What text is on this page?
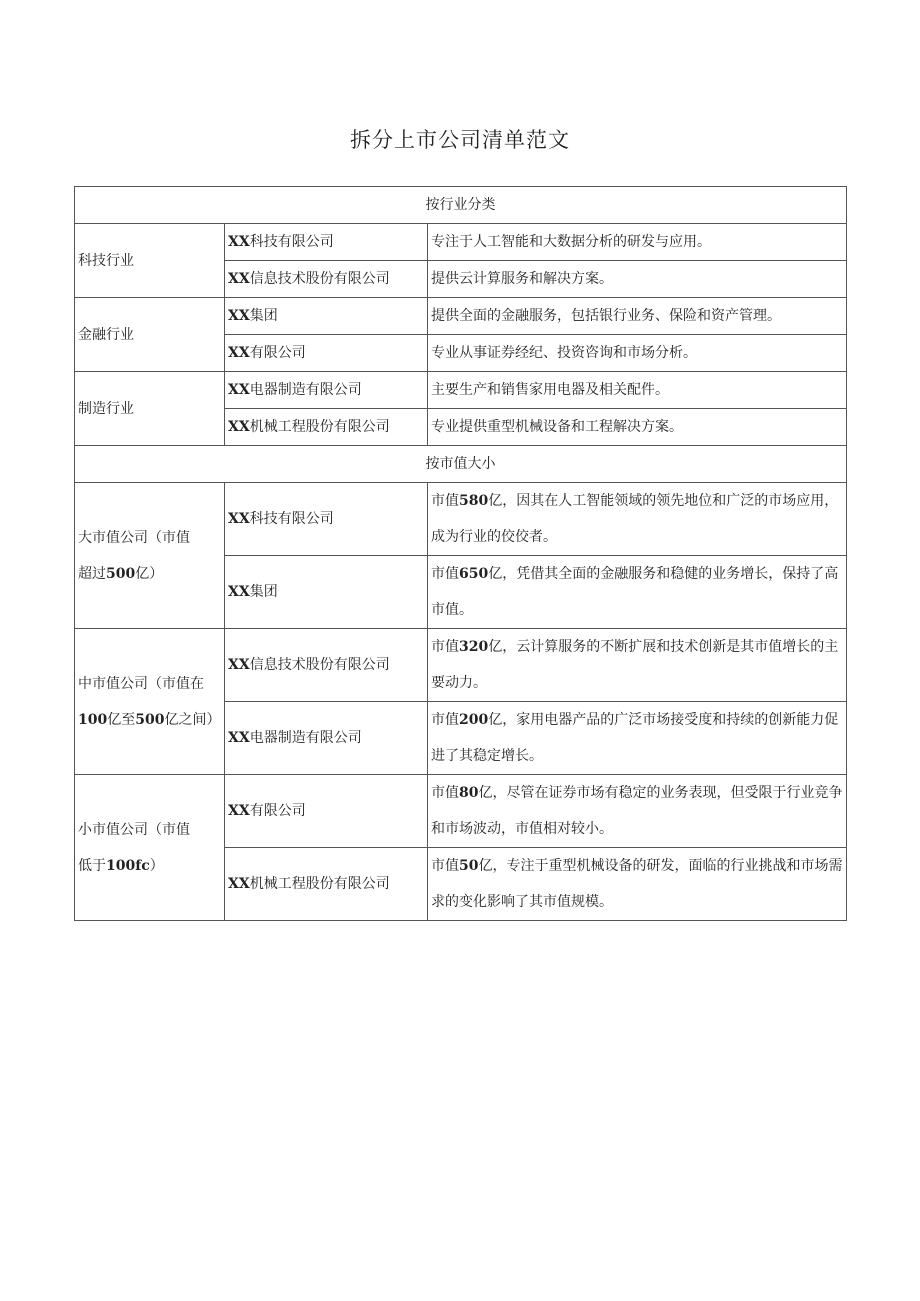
拆分上市公司清单范文
按行业分类		
科技行业	XX科技有限公司	专注于人工智能和大数据分析的研发与应用。
	XX信息技术股份有限公司	提供云计算服务和解决方案。
金融行业	XX集团	提供全面的金融服务，包括银行业务、保险和资产管理。
	XX有限公司	专业从事证券经纪、投资咨询和市场分析。
制造行业	XX电器制造有限公司	主要生产和销售家用电器及相关配件。
	XX机械工程股份有限公司	专业提供重型机械设备和工程解决方案。
按市值大小		
大市值公司（市值
超过500亿）	XX科技有限公司	市值580亿，因其在人工智能领域的领先地位和广泛的市场应用，成为行业的佼佼者。
	XX集团	市值650亿，凭借其全面的金融服务和稳健的业务增长，保持了高市值。
中市值公司（市值在
100亿至500亿之间）	XX信息技术股份有限公司	市值320亿，云计算服务的不断扩展和技术创新是其市值增长的主要动力。
	XX电器制造有限公司	市值200亿，家用电器产品的广泛市场接受度和持续的创新能力促进了其稳定增长。
小市值公司（市值
低于100fc）	XX有限公司	市值80亿，尽管在证券市场有稳定的业务表现，但受限于行业竞争和市场波动，市值相对较小。
	XX机械工程股份有限公司	市值50亿，专注于重型机械设备的研发，面临的行业挑战和市场需求的变化影响了其市值规模。
